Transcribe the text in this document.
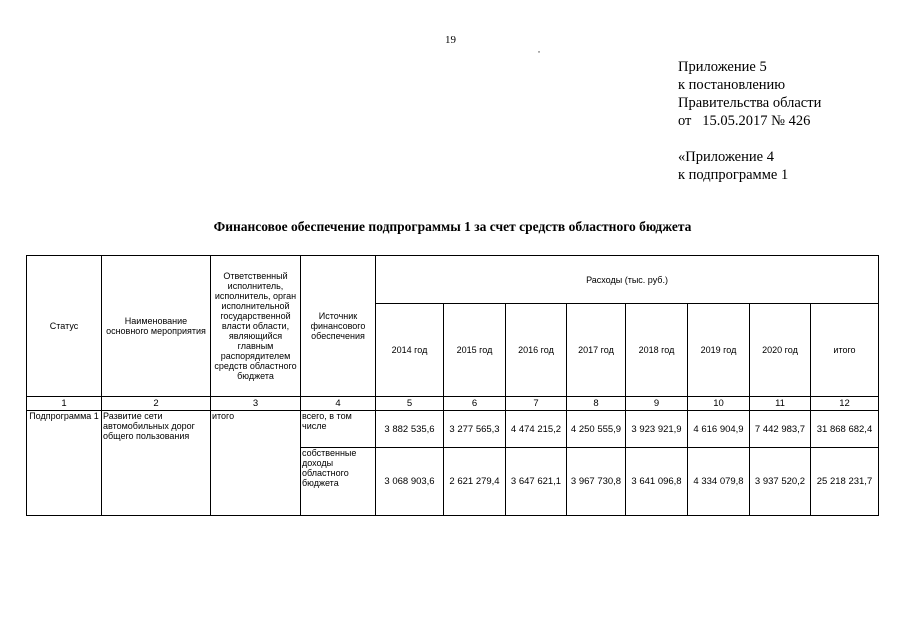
19
˙
Приложение 5
к постановлению
Правительства области
от   15.05.2017 № 426
«Приложение 4
к подпрограмме 1
Финансовое обеспечение подпрограммы 1 за счет средств областного бюджета
Статус	Наименование основного мероприятия	Ответственный исполнитель, исполнитель, орган исполнительной государственной власти области, являющийся главным распорядителем средств областного бюджета	Источник финансового обеспечения	Расходы (тыс. руб.)							
				2014 год	2015 год	2016 год	2017 год	2018 год	2019 год	2020 год	итого
1	2	3	4	5	6	7	8	9	10	11	12
Подпрограмма 1	Развитие сети автомобильных дорог общего пользования	итого	всего, в том числе	3 882 535,6	3 277 565,3	4 474 215,2	4 250 555,9	3 923 921,9	4 616 904,9	7 442 983,7	31 868 682,4
			собственные доходы областного бюджета	3 068 903,6	2 621 279,4	3 647 621,1	3 967 730,8	3 641 096,8	4 334 079,8	3 937 520,2	25 218 231,7
